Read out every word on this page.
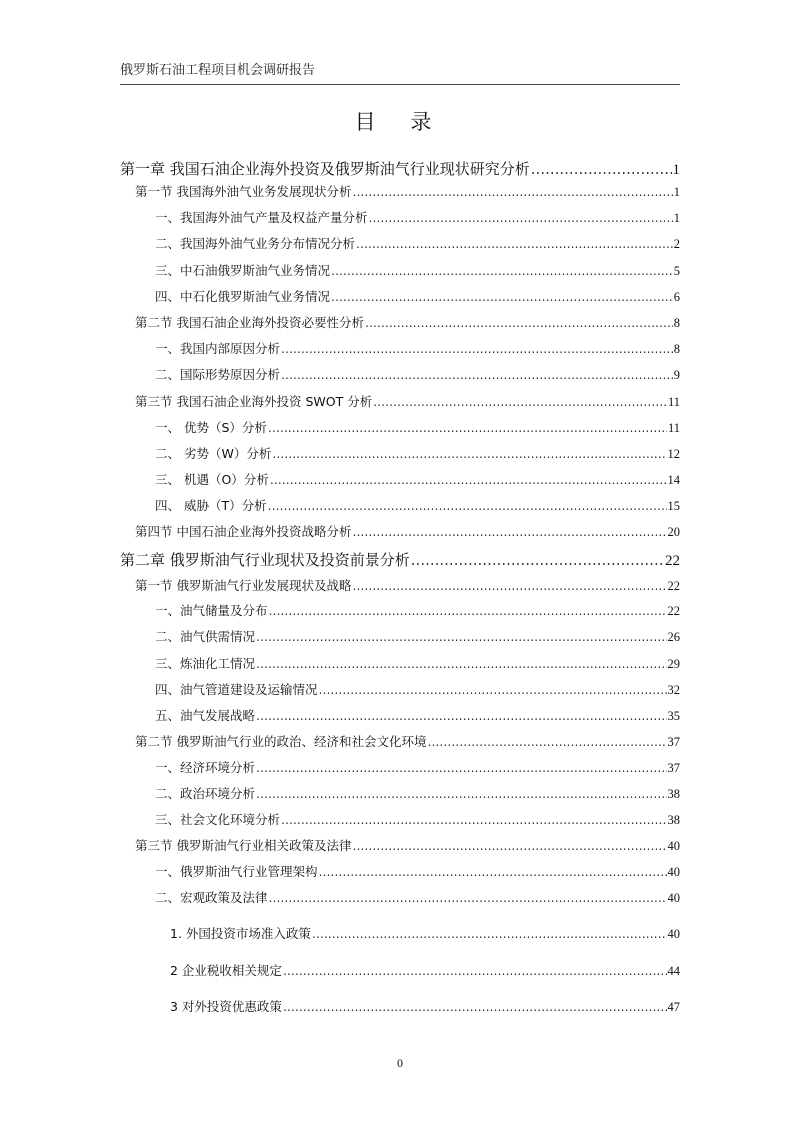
俄罗斯石油工程项目机会调研报告
目 录
第一章 我国石油企业海外投资及俄罗斯油气行业现状研究分析 .....	1
第一节 我国海外油气业务发展现状分析 .....	1
一、我国海外油气产量及权益产量分析 .....	1
二、我国海外油气业务分布情况分析 .....	2
三、中石油俄罗斯油气业务情况 .....	5
四、中石化俄罗斯油气业务情况 .....	6
第二节 我国石油企业海外投资必要性分析 .....	8
一、我国内部原因分析 .....	8
二、国际形势原因分析 .....	9
第三节 我国石油企业海外投资 SWOT 分析 .....	11
一、 优势（S）分析 .....	11
二、 劣势（W）分析 .....	12
三、 机遇（O）分析 .....	14
四、 威胁（T）分析 .....	15
第四节 中国石油企业海外投资战略分析 .....	20
第二章 俄罗斯油气行业现状及投资前景分析 .....	22
第一节 俄罗斯油气行业发展现状及战略 .....	22
一、油气储量及分布 .....	22
二、油气供需情况 .....	26
三、炼油化工情况 .....	29
四、油气管道建设及运输情况 .....	32
五、油气发展战略 .....	35
第二节 俄罗斯油气行业的政治、经济和社会文化环境 .....	37
一、经济环境分析 .....	37
二、政治环境分析 .....	38
三、社会文化环境分析 .....	38
第三节 俄罗斯油气行业相关政策及法律 .....	40
一、俄罗斯油气行业管理架构 .....	40
二、宏观政策及法律 .....	40
1. 外国投资市场准入政策 .....	40
2 企业税收相关规定 .....	44
3 对外投资优惠政策 .....	47
0
